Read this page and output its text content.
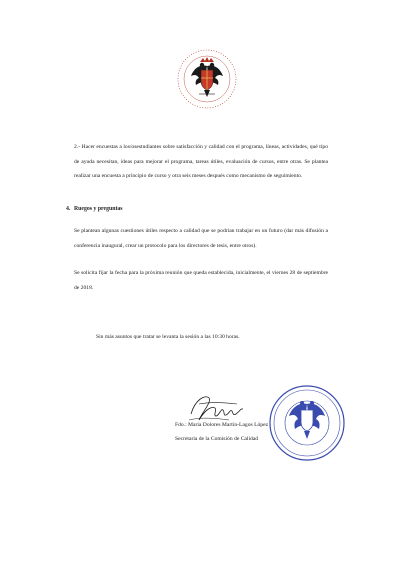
2.- Hacer encuestas a los/osestudiantes sobre satisfacción y calidad con el programa, líneas, actividades, qué tipo de ayuda necesitan, ideas para mejorar el programa, tareas útiles, evaluación de cursos, entre otras. Se plantea realizar una encuesta a principio de curso y otra seis meses después como mecanismo de seguimiento.

4. Ruegos y preguntas

Se plantean algunas cuestiones útiles respecto a calidad que se podrían trabajar en un futuro (dar más difusión a conferencia inaugural, crear un protocolo para los directores de tesis, entre otros).

Se solicita fijar la fecha para la próxima reunión que queda establecida, inicialmente, el viernes 28 de septiembre de 2018.

Sin más asuntos que tratar se levanta la sesión a las 10:30 horas.
Fdo.: María Dolores Martín-Lagos López
Secretaria de la Comisión de Calidad
